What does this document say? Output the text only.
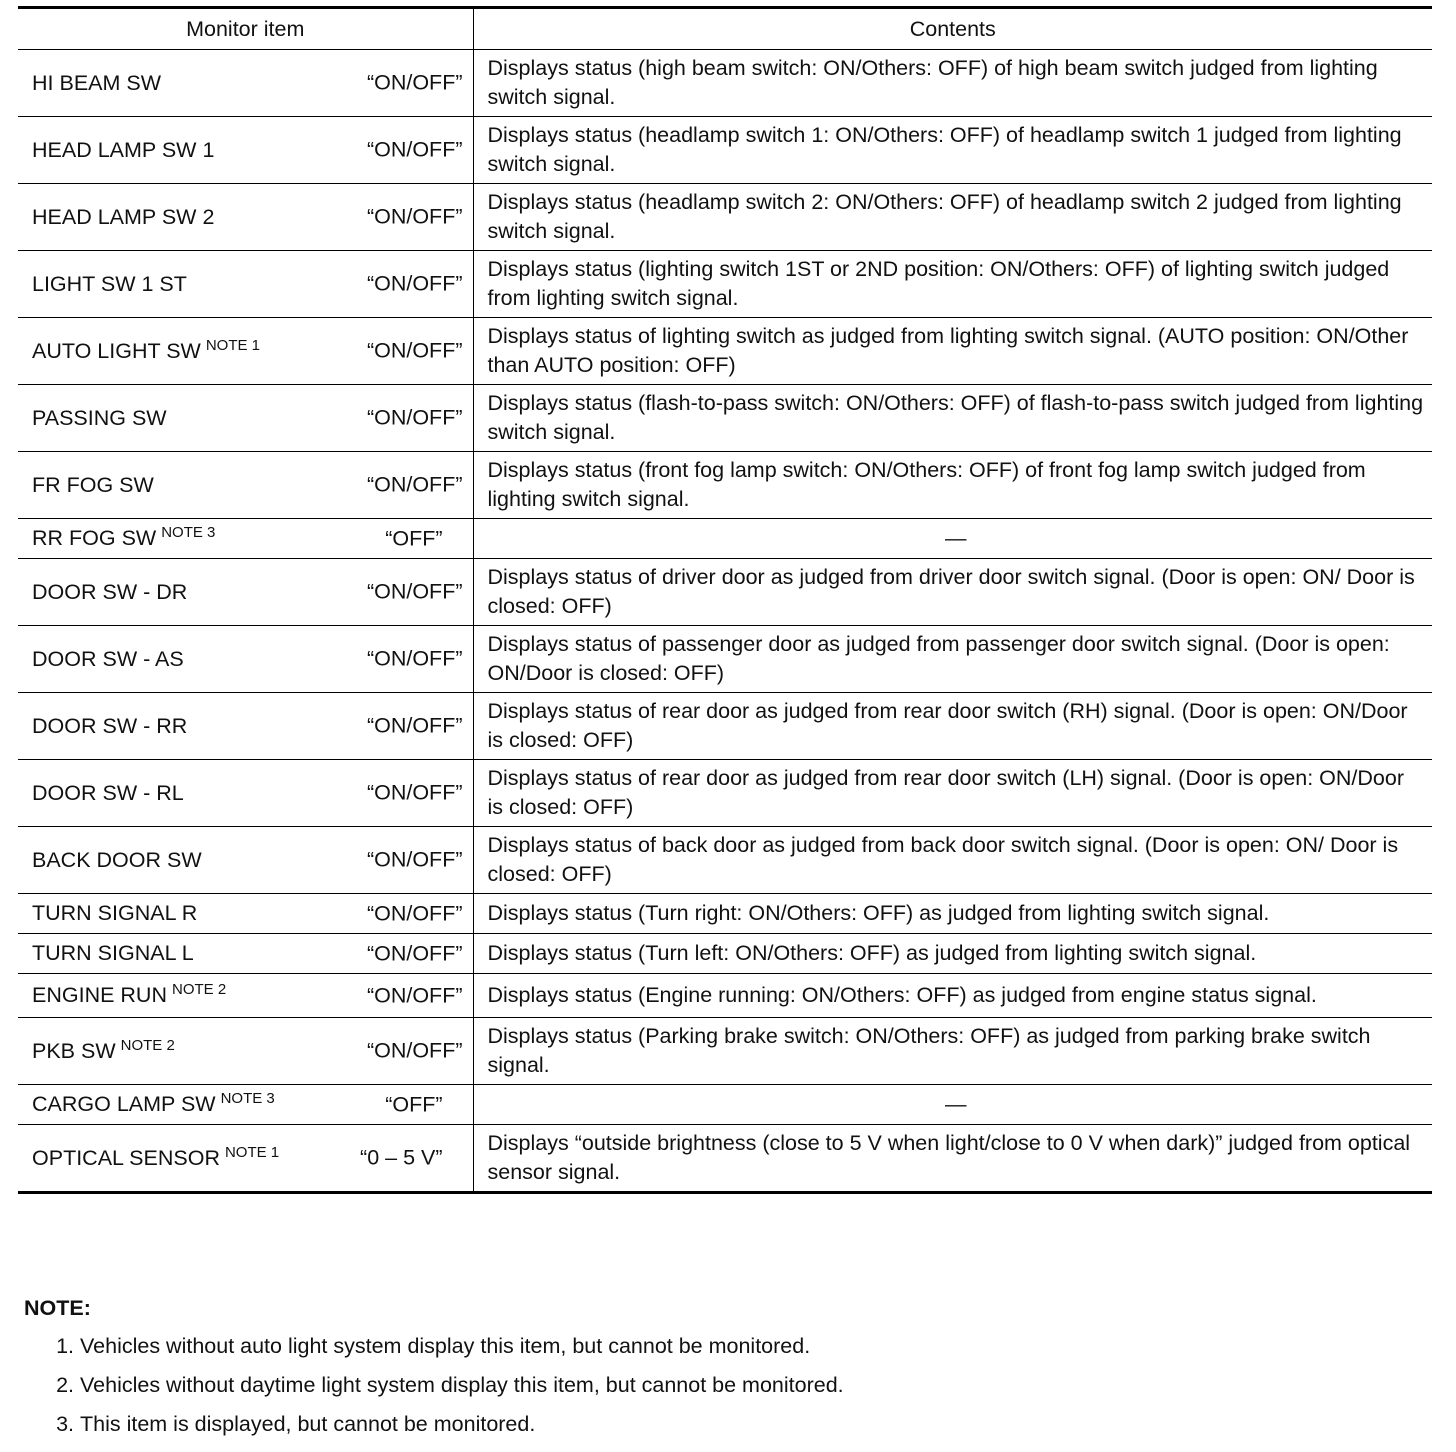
Monitor item	Contents
HI BEAM SW “ON/OFF”	Displays status (high beam switch: ON/Others: OFF) of high beam switch judged from lighting switch signal.
HEAD LAMP SW 1 “ON/OFF”	Displays status (headlamp switch 1: ON/Others: OFF) of headlamp switch 1 judged from lighting switch signal.
HEAD LAMP SW 2 “ON/OFF”	Displays status (headlamp switch 2: ON/Others: OFF) of headlamp switch 2 judged from lighting switch signal.
LIGHT SW 1 ST “ON/OFF”	Displays status (lighting switch 1ST or 2ND position: ON/Others: OFF) of lighting switch judged from lighting switch signal.
AUTO LIGHT SW $^{NOTE 1}$ “ON/OFF”	Displays status of lighting switch as judged from lighting switch signal. (AUTO position: ON/Other than AUTO position: OFF)
PASSING SW “ON/OFF”	Displays status (flash-to-pass switch: ON/Others: OFF) of flash-to-pass switch judged from lighting switch signal.
FR FOG SW “ON/OFF”	Displays status (front fog lamp switch: ON/Others: OFF) of front fog lamp switch judged from lighting switch signal.
RR FOG SW $^{NOTE 3}$ “OFF”	—
DOOR SW - DR “ON/OFF”	Displays status of driver door as judged from driver door switch signal. (Door is open: ON/ Door is closed: OFF)
DOOR SW - AS “ON/OFF”	Displays status of passenger door as judged from passenger door switch signal. (Door is open: ON/Door is closed: OFF)
DOOR SW - RR “ON/OFF”	Displays status of rear door as judged from rear door switch (RH) signal. (Door is open: ON/Door is closed: OFF)
DOOR SW - RL “ON/OFF”	Displays status of rear door as judged from rear door switch (LH) signal. (Door is open: ON/Door is closed: OFF)
BACK DOOR SW “ON/OFF”	Displays status of back door as judged from back door switch signal. (Door is open: ON/ Door is closed: OFF)
TURN SIGNAL R “ON/OFF”	Displays status (Turn right: ON/Others: OFF) as judged from lighting switch signal.
TURN SIGNAL L “ON/OFF”	Displays status (Turn left: ON/Others: OFF) as judged from lighting switch signal.
ENGINE RUN $^{NOTE 2}$ “ON/OFF”	Displays status (Engine running: ON/Others: OFF) as judged from engine status signal.
PKB SW $^{NOTE 2}$ “ON/OFF”	Displays status (Parking brake switch: ON/Others: OFF) as judged from parking brake switch signal.
CARGO LAMP SW $^{NOTE 3}$ “OFF”	—
OPTICAL SENSOR $^{NOTE 1}$ “0 – 5 V”	Displays “outside brightness (close to 5 V when light/close to 0 V when dark)” judged from optical sensor signal.
NOTE:
1. Vehicles without auto light system display this item, but cannot be monitored.
2. Vehicles without daytime light system display this item, but cannot be monitored.
3. This item is displayed, but cannot be monitored.
